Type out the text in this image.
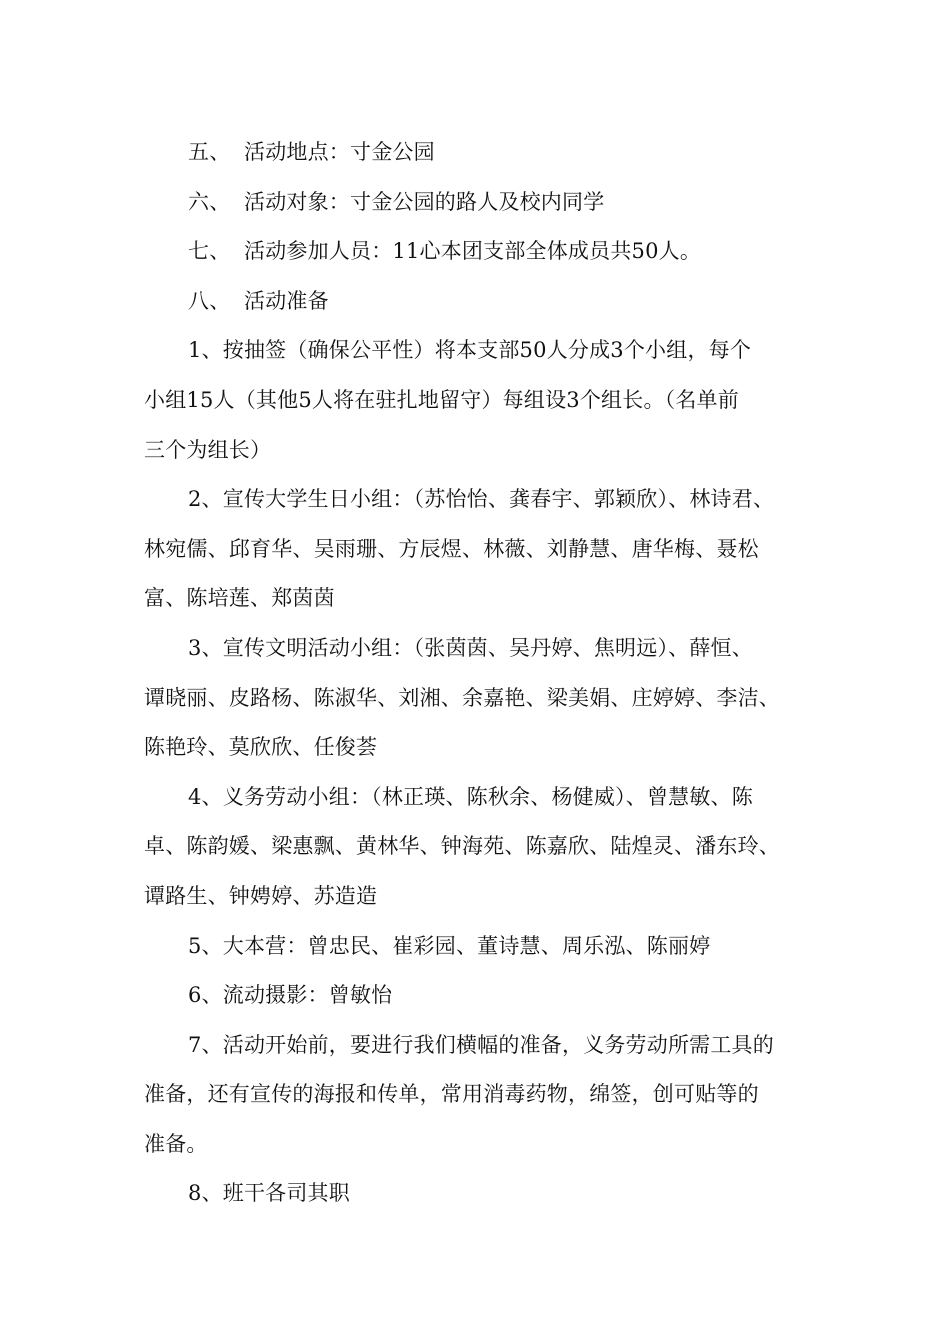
五、 活动地点：寸金公园
六、 活动对象：寸金公园的路人及校内同学
七、 活动参加人员：11心本团支部全体成员共50人。
八、 活动准备
1、按抽签（确保公平性）将本支部50人分成3个小组，每个
小组15人（其他5人将在驻扎地留守）每组设3个组长。（名单前
三个为组长）
2、宣传大学生日小组：（苏怡怡、龚春宇、郭颖欣）、林诗君、
林宛儒、邱育华、吴雨珊、方辰煜、林薇、刘静慧、唐华梅、聂松
富、陈培莲、郑茵茵
3、宣传文明活动小组：（张茵茵、吴丹婷、焦明远）、薛恒、
谭晓丽、皮路杨、陈淑华、刘湘、余嘉艳、梁美娟、庄婷婷、李洁、
陈艳玲、莫欣欣、任俊荟
4、义务劳动小组：（林正瑛、陈秋余、杨健威）、曾慧敏、陈
卓、陈韵媛、梁惠飘、黄林华、钟海苑、陈嘉欣、陆煌灵、潘东玲、
谭路生、钟娉婷、苏造造
5、大本营：曾忠民、崔彩园、董诗慧、周乐泓、陈丽婷
6、流动摄影：曾敏怡
7、活动开始前，要进行我们横幅的准备，义务劳动所需工具的
准备，还有宣传的海报和传单，常用消毒药物，绵签，创可贴等的
准备。
8、班干各司其职
